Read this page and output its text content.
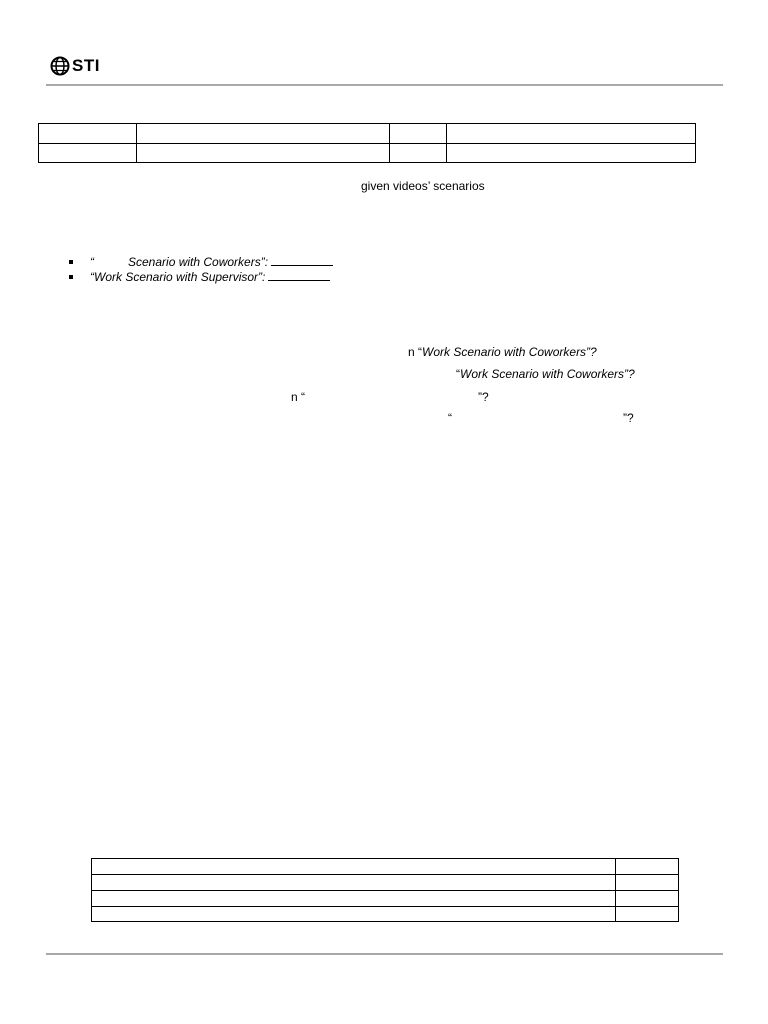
STI

given videos’ scenarios
“	Scenario with Coworkers”:
“Work Scenario with Supervisor”:
n “Work Scenario with Coworkers”?
“Work Scenario with Coworkers”?
n “	”?
“	”?
